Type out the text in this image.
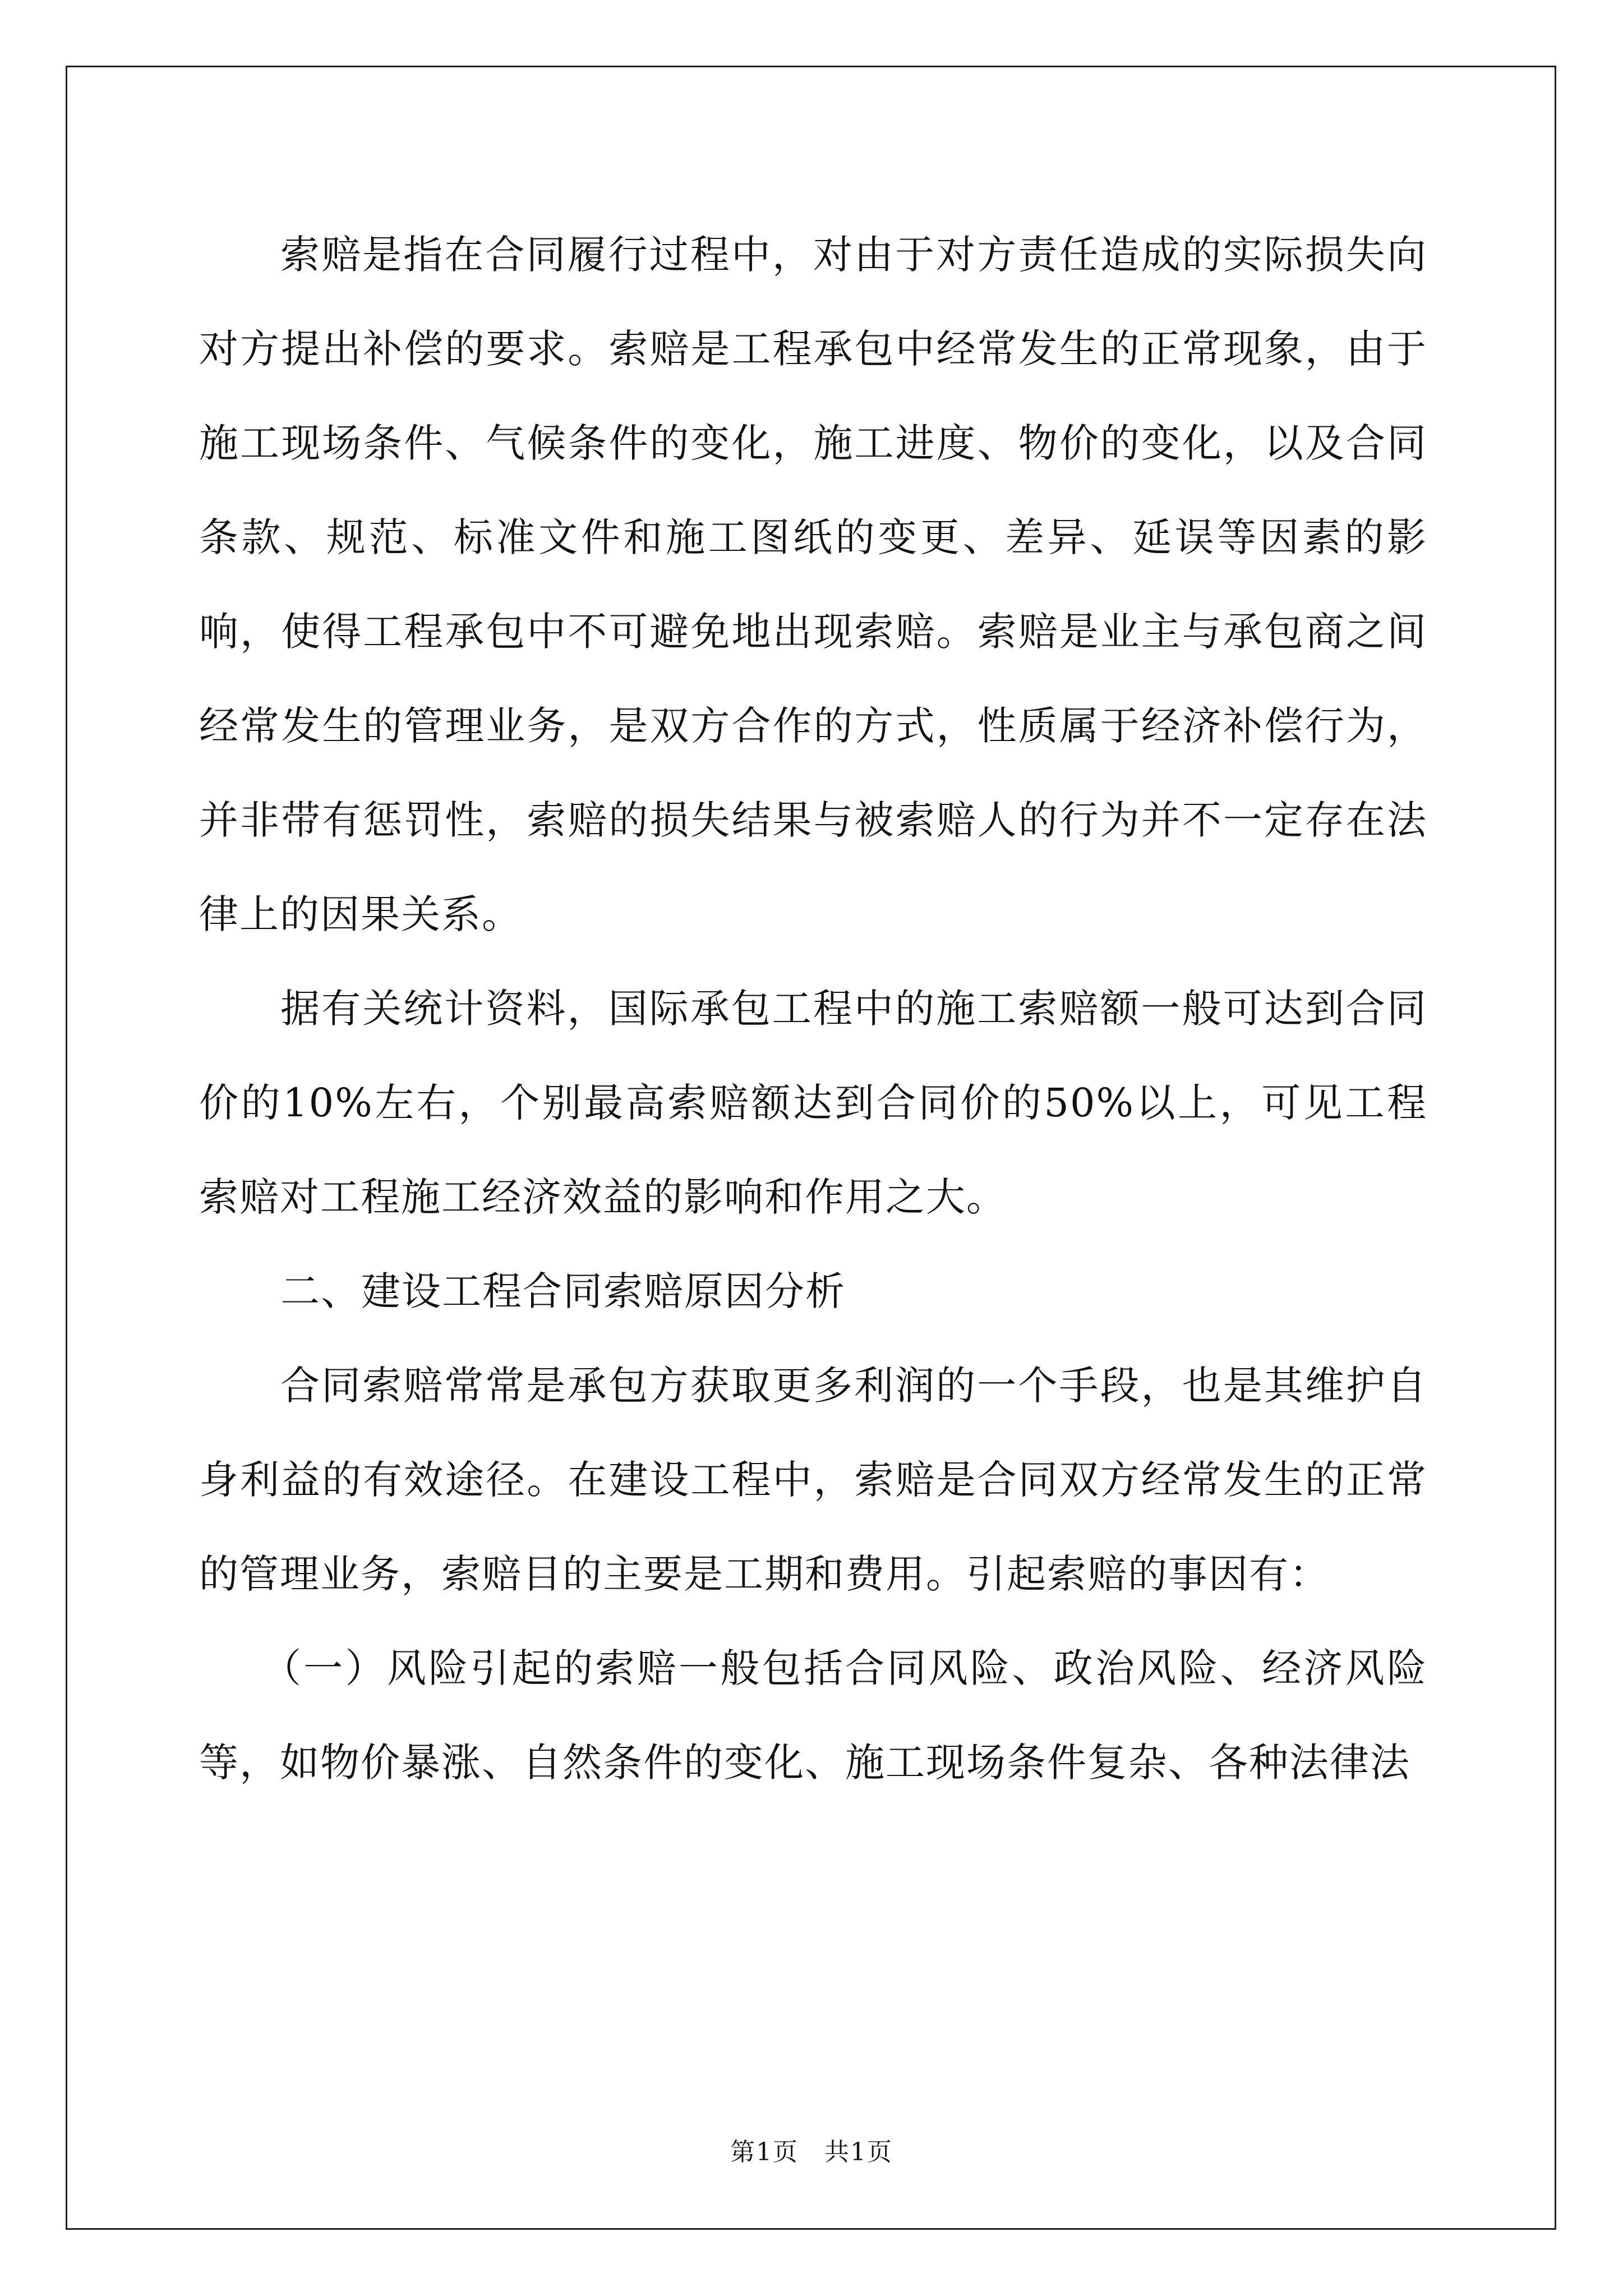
索赔是指在合同履行过程中，对由于对方责任造成的实际损失向对方提出补偿的要求。索赔是工程承包中经常发生的正常现象，由于施工现场条件、气候条件的变化，施工进度、物价的变化，以及合同条款、规范、标准文件和施工图纸的变更、差异、延误等因素的影响，使得工程承包中不可避免地出现索赔。索赔是业主与承包商之间经常发生的管理业务，是双方合作的方式，性质属于经济补偿行为，并非带有惩罚性，索赔的损失结果与被索赔人的行为并不一定存在法律上的因果关系。

据有关统计资料，国际承包工程中的施工索赔额一般可达到合同价的10%左右，个别最高索赔额达到合同价的50%以上，可见工程索赔对工程施工经济效益的影响和作用之大。

二、建设工程合同索赔原因分析

合同索赔常常是承包方获取更多利润的一个手段，也是其维护自身利益的有效途径。在建设工程中，索赔是合同双方经常发生的正常的管理业务，索赔目的主要是工期和费用。引起索赔的事因有：

（一）风险引起的索赔一般包括合同风险、政治风险、经济风险等，如物价暴涨、自然条件的变化、施工现场条件复杂、各种法律法

第1页　共1页
